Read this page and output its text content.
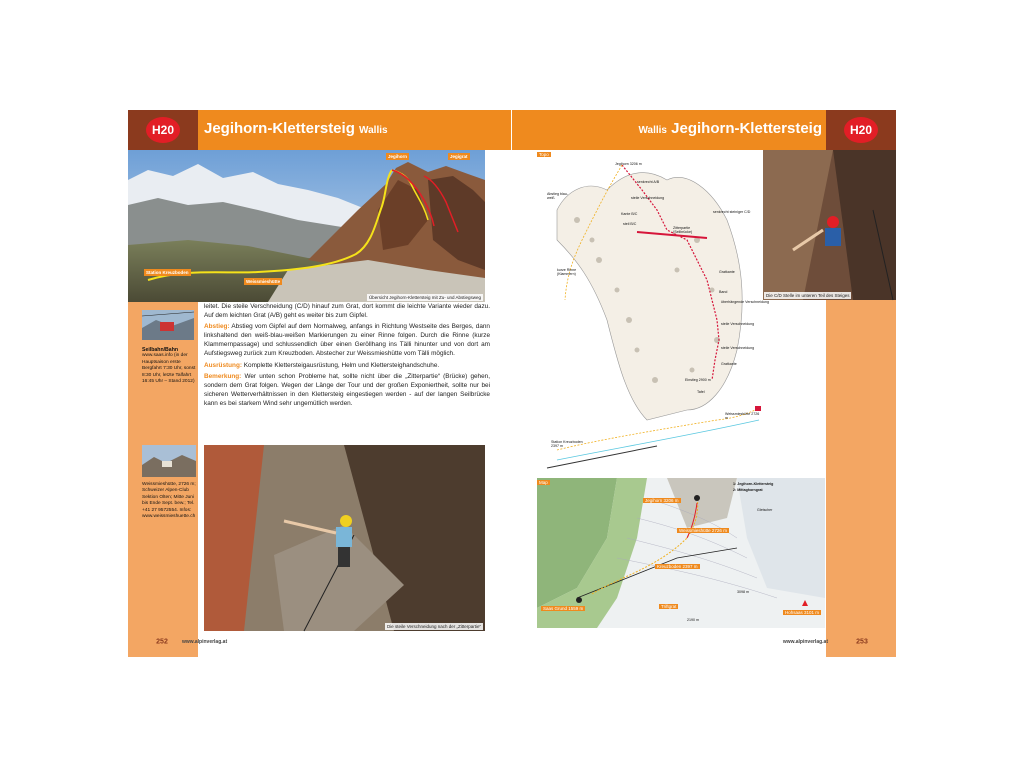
H20	Jegihorn-Klettersteig Wallis
Jegihorn	Jegigrat
Station Kreuzboden
Weissmieshütte
Übersicht Jegihorn-Klettersteig mit Zu- und Abstiegsweg
Seilbahn/Bahn
www.saas.info (in der Hauptsaison erste Bergfahrt 7:30 Uhr, sonst 8:30 Uhr, letzte Talfahrt 16:45 Uhr – Stand 2012)
Weissmieshütte, 2726 m; Schweizer Alpen-Club Sektion Olten; Mitte Juni bis Ende Sept. bew.; Tel. +41 27 9572554. Infos: www.weissmieshuette.ch

leitet. Die steile Verschneidung (C/D) hinauf zum Grat, dort kommt die leichte Variante wieder dazu. Auf dem leichten Grat (A/B) geht es weiter bis zum Gipfel.

Abstieg: Abstieg vom Gipfel auf dem Normalweg, anfangs in Richtung Westseite des Berges, dann linkshaltend den weiß-blau-weißen Markierungen zu einer Rinne folgen. Durch die Rinne (kurze Klammernpassage) und schlussendlich über einen Geröllhang ins Tälli hinunter und von dort am Aufstiegsweg zurück zum Kreuzboden. Abstecher zur Weissmieshütte vom Tälli möglich.

Ausrüstung: Komplette Klettersteigausrüstung, Helm und Klettersteighandschuhe.

Bemerkung: Wer unten schon Probleme hat, sollte nicht über die „Zitterpartie“ (Brücke) gehen, sondern dem Grat folgen. Wegen der Länge der Tour und der großen Exponiertheit, sollte nur bei sicheren Wetterverhältnissen in den Klettersteig eingestiegen werden - auf der langen Seilbrücke kann es bei starkem Wind sehr ungemütlich werden.

Die steile Verschneidung nach der „Zitterpartie“
252	www.alpinverlag.at
Wallis Jegihorn-Klettersteig	H20
Topo
Jegihorn 3206 m
Abstieg blau-weiß
kurze Rinne (Klammern)
Zitterpartie (Seilbrücke)
Einstieg 2900 m
Weissmieshütte 2726 m
Station Kreuzboden 2397 m
senkrecht A/B
steile Verschneidung
Kante B/C
steil B/C
senkrecht steiniger C/D
Gratkante
Band
überhängende Verschneidung
steile Verschneidung
steile Verschneidung
Gratkante
Tafel
Die C/D Stelle im unteren Teil des Steiges
Map	1: Jegihorn-Klettersteig
2: Mittaghorngrat
Jegihorn 3206 m
Weissmieshütte 2726 m
Kreuzboden 2397 m
Saas Grund 1559 m	Triftgrat
Hohsaas 3101 m
Gletscher
2190 m
3098 m
www.alpinverlag.at	253
